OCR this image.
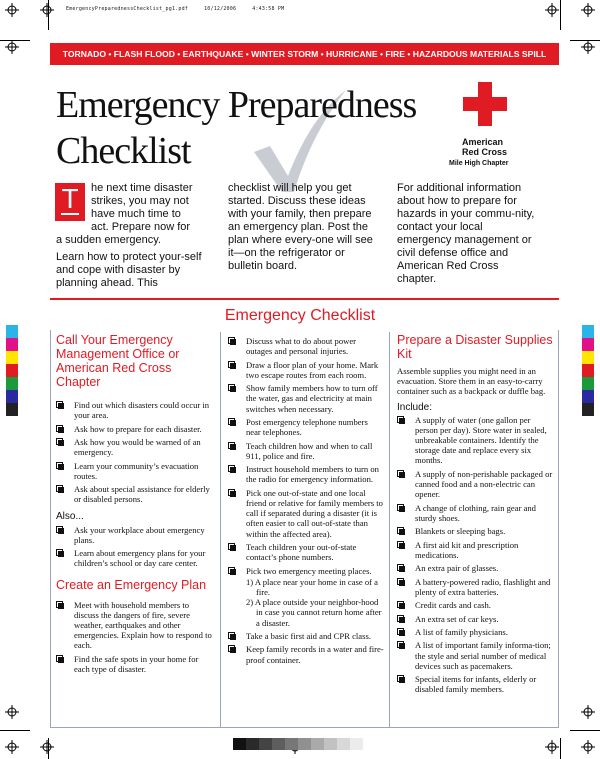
EmergencyPreparednessChecklist_pg1.pdf	10/12/2006	4:43:58 PM
TORNADO • FLASH FLOOD • EARTHQUAKE • WINTER STORM • HURRICANE • FIRE • HAZARDOUS MATERIALS SPILL
Emergency Preparedness
Checklist	American
Red Cross
Mile High Chapter
T he next time disaster
strikes, you may not
have much time to
act. Prepare now for
a sudden emergency.
Learn how to protect your-self and cope with disaster by planning ahead. This
checklist will help you get started. Discuss these ideas with your family, then prepare an emergency plan. Post the plan where every-one will see it—on the refrigerator or bulletin board.
For additional information about how to prepare for hazards in your commu-nity, contact your local emergency management or civil defense office and American Red Cross chapter.
Emergency Checklist
Call Your Emergency Management Office or American Red Cross Chapter
Find out which disasters could occur in your area.
Ask how to prepare for each disaster.
Ask how you would be warned of an emergency.
Learn your community’s evacuation routes.
Ask about special assistance for elderly or disabled persons.
Also...
Ask your workplace about emergency plans.
Learn about emergency plans for your children’s school or day care center.
Create an Emergency Plan
Meet with household members to discuss the dangers of fire, severe weather, earthquakes and other emergencies. Explain how to respond to each.
Find the safe spots in your home for each type of disaster.
Discuss what to do about power outages and personal injuries.
Draw a floor plan of your home. Mark two escape routes from each room.
Show family members how to turn off the water, gas and electricity at main switches when necessary.
Post emergency telephone numbers near telephones.
Teach children how and when to call 911, police and fire.
Instruct household members to turn on the radio for emergency information.
Pick one out-of-state and one local friend or relative for family members to call if separated during a disaster (it is often easier to call out-of-state than within the affected area).
Teach children your out-of-state contact’s phone numbers.
Pick two emergency meeting places.
1) A place near your home in case of a fire.
2) A place outside your neighbor-hood in case you cannot return home after a disaster.
Take a basic first aid and CPR class.
Keep family records in a water and fire-proof container.
Prepare a Disaster Supplies Kit
Assemble supplies you might need in an evacuation. Store them in an easy-to-carry container such as a backpack or duffle bag.
Include:
A supply of water (one gallon per person per day). Store water in sealed, unbreakable containers. Identify the storage date and replace every six months.
A supply of non-perishable packaged or canned food and a non-electric can opener.
A change of clothing, rain gear and sturdy shoes.
Blankets or sleeping bags.
A first aid kit and prescription medications.
An extra pair of glasses.
A battery-powered radio, flashlight and plenty of extra batteries.
Credit cards and cash.
An extra set of car keys.
A list of family physicians.
A list of important family informa-tion; the style and serial number of medical devices such as pacemakers.
Special items for infants, elderly or disabled family members.
